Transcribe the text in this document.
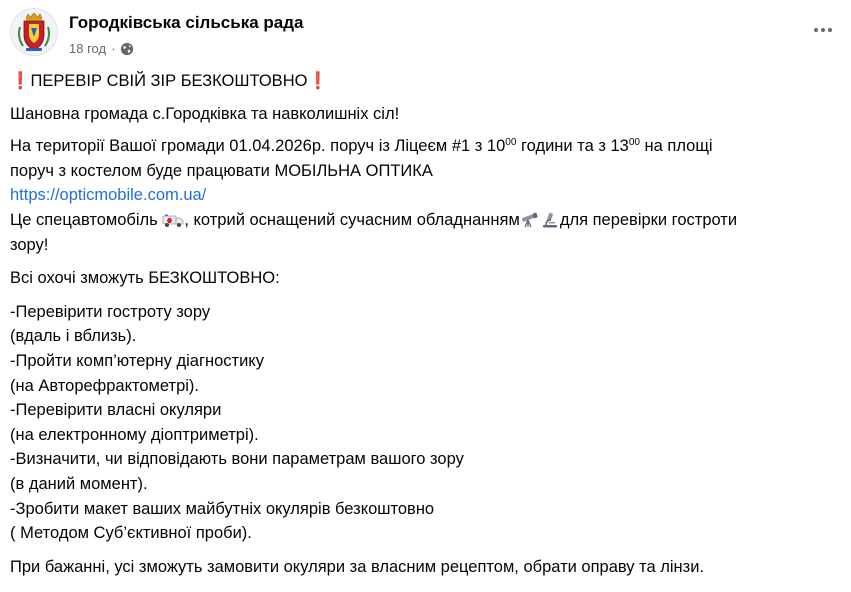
Городківська сільська рада
18 год ·
❗ПЕРЕВІР СВІЙ ЗІР БЕЗКОШТОВНО❗
Шановна громада с.Городківка та навколишніх сіл!
На території Вашої громади 01.04.2026р. поруч із Ліцеєм #1 з $10^{00}$ години та з $13^{00}$ на площі
поруч з костелом буде працювати МОБІЛЬНА ОПТИКА
https://opticmobile.com.ua/
Це спецавтомобіль , котрий оснащений сучасним обладнанням для перевірки гостроти
зору!
Всі охочі зможуть БЕЗКОШТОВНО:
-Перевірити гостроту зору
(вдаль і вблизь).
-Пройти комп’ютерну діагностику
(на Авторефрактометрі).
-Перевірити власні окуляри
(на електронному діоптриметрі).
-Визначити, чи відповідають вони параметрам вашого зору
(в даний момент).
-Зробити макет ваших майбутніх окулярів безкоштовно
( Методом Суб’єктивної проби).
При бажанні, усі зможуть замовити окуляри за власним рецептом, обрати оправу та лінзи.
